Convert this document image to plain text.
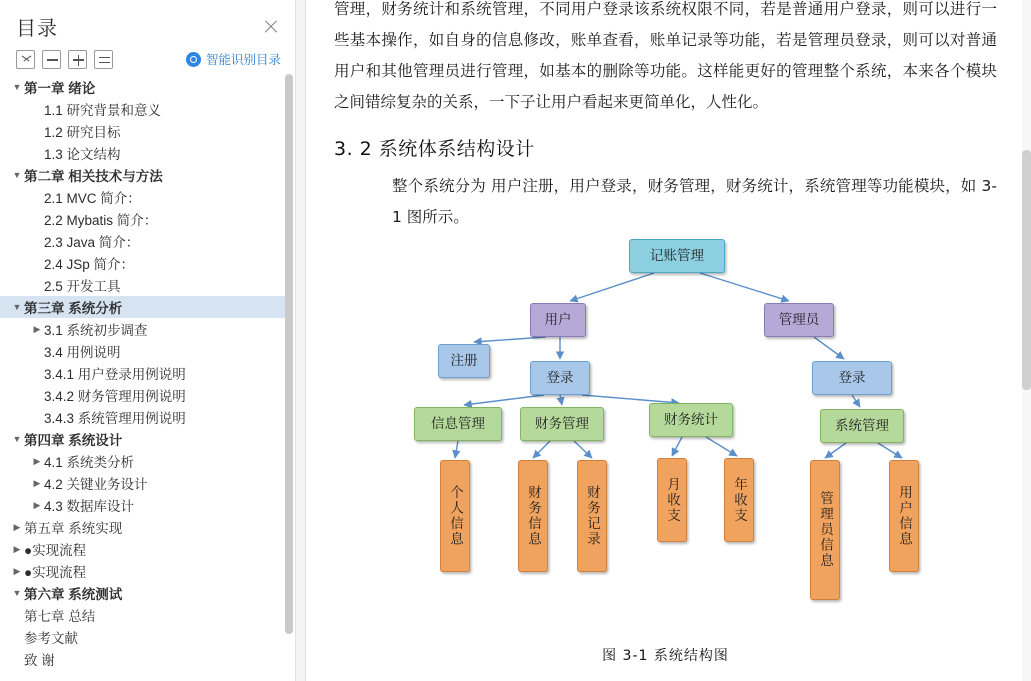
目录
智能识别目录
▼ 第一章 绪论
1.1 研究背景和意义
1.2 研究目标
1.3 论文结构
▼ 第二章 相关技术与方法
2.1 MVC 简介：
2.2 Mybatis 简介：
2.3 Java 简介：
2.4 JSp 简介：
2.5 开发工具
▼ 第三章 系统分析
▶ 3.1 系统初步调查
3.4 用例说明
3.4.1 用户登录用例说明
3.4.2 财务管理用例说明
3.4.3 系统管理用例说明
▼ 第四章 系统设计
▶ 4.1 系统类分析
▶ 4.2 关键业务设计
▶ 4.3 数据库设计
▶ 第五章 系统实现
▶ ●实现流程
▶ ●实现流程
▼ 第六章 系统测试
第七章 总结
参考文献
致 谢

管理，财务统计和系统管理，不同用户登录该系统权限不同，若是普通用户登录，则可以进行一些基本操作，如自身的信息修改，账单查看，账单记录等功能，若是管理员登录，则可以对普通用户和其他管理员进行管理，如基本的删除等功能。这样能更好的管理整个系统，本来各个模块之间错综复杂的关系，一下子让用户看起来更简单化，人性化。

3. 2 系统体系结构设计

整个系统分为 用户注册，用户登录，财务管理，财务统计，系统管理等功能模块，如 3-1 图所示。

记账管理
用户	管理员
注册
登录	登录
信息管理	财务管理	财务统计	系统管理
个人信息	财务信息	财务记录	月收支	年收支	管理员信息	用户信息
图 3-1 系统结构图
